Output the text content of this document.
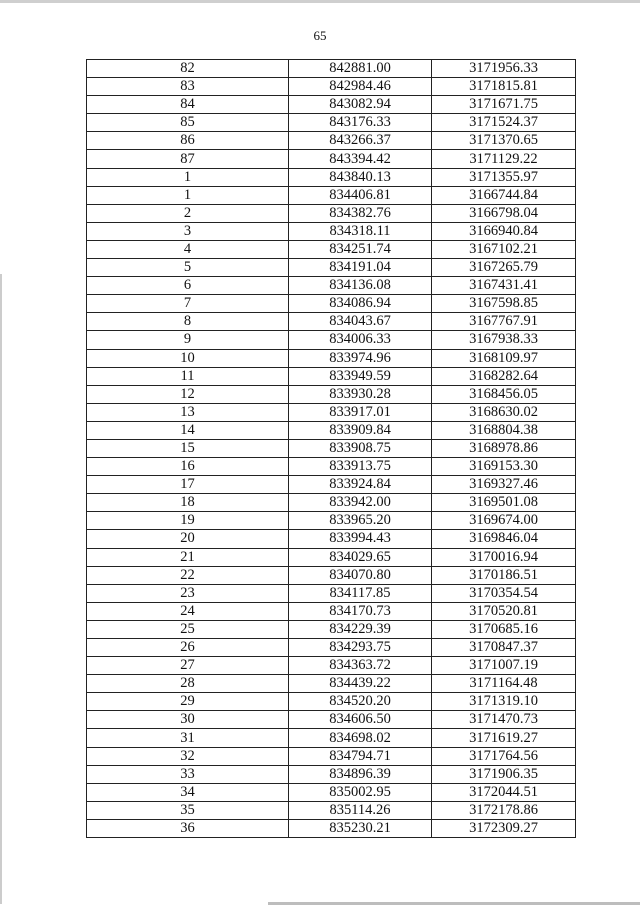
65
82	842881.00	3171956.33
83	842984.46	3171815.81
84	843082.94	3171671.75
85	843176.33	3171524.37
86	843266.37	3171370.65
87	843394.42	3171129.22
1	843840.13	3171355.97
1	834406.81	3166744.84
2	834382.76	3166798.04
3	834318.11	3166940.84
4	834251.74	3167102.21
5	834191.04	3167265.79
6	834136.08	3167431.41
7	834086.94	3167598.85
8	834043.67	3167767.91
9	834006.33	3167938.33
10	833974.96	3168109.97
11	833949.59	3168282.64
12	833930.28	3168456.05
13	833917.01	3168630.02
14	833909.84	3168804.38
15	833908.75	3168978.86
16	833913.75	3169153.30
17	833924.84	3169327.46
18	833942.00	3169501.08
19	833965.20	3169674.00
20	833994.43	3169846.04
21	834029.65	3170016.94
22	834070.80	3170186.51
23	834117.85	3170354.54
24	834170.73	3170520.81
25	834229.39	3170685.16
26	834293.75	3170847.37
27	834363.72	3171007.19
28	834439.22	3171164.48
29	834520.20	3171319.10
30	834606.50	3171470.73
31	834698.02	3171619.27
32	834794.71	3171764.56
33	834896.39	3171906.35
34	835002.95	3172044.51
35	835114.26	3172178.86
36	835230.21	3172309.27
